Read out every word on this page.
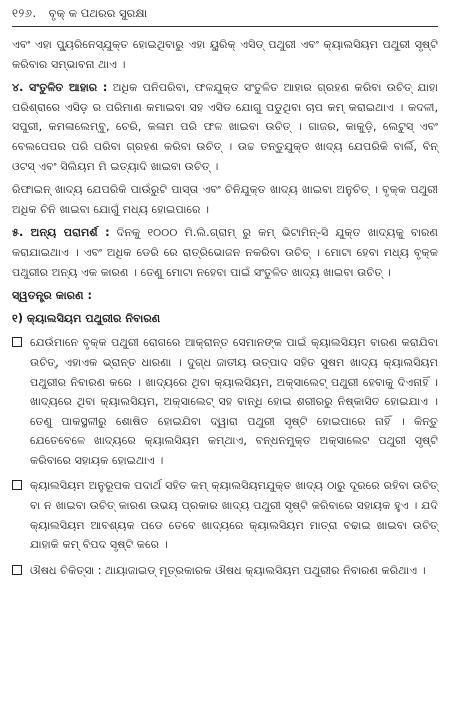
୧୨୬. ବୃକ୍ କ ପଥରର ସୁରକ୍ଷା

ଏବଂ ଏହା ପ୍ୟୁରିନେସ୍‌ଯୁକ୍ତ ହୋଇଥିବାରୁ ଏହା ୟୁରିକ୍ ଏସିଡ୍ ପଥୁରୀ ଏବଂ କ୍ୟାଲସିୟମ ପଥୁରୀ ସୃଷ୍ଟି କରିବାର ସମ୍ଭାବନା ଥାଏ ।

୪. ସଂତୁଳିତ ଆହାର : ଅଧିକ ପନିପରିବା, ଫଳଯୁକ୍ତ ସଂତୁଳିତ ଆହାର ଗ୍ରହଣ କରିବା ଉଚିତ୍ ଯାହା ପରିଶ୍ରାରେ ଏସିଡ଼ ର ପରିମାଣ କମାଇବା ସହ ଏସିଡ ଯୋଗୁ ପଡୁଥିବା ଚାପ କମ୍ କରାଇଥାଏ । କଦଳୀ, ସପୁରୀ, କମଳାଲେମ୍ବୁ, ଚେରି, କଳାମ ପରି ଫଳ ଖାଇବା ଉଚିତ୍ । ଗାଜର, କାକୁଡ଼ି, ଲେଟୁସ୍ ଏବଂ ବେଲପେପର ପରି ପରିବା ଗ୍ରହଣ କରିବା ଉଚିତ୍ । ଉଚ୍ଚ ତନ୍ତୁଯୁକ୍ତ ଖାଦ୍ୟ ଯେପରିକି ବାର୍ଲି, ବିନ୍ ଓଟସ୍ ଏବଂ ସିଲିୟମ ମି ଇତ୍ୟାଦି ଖାଇବା ଉଚିତ୍ ।

ରିଫାଇନ୍ ଖାଦ୍ୟ ଯେପରିକି ପାଉଁରୁଟି ପାସ୍ତା ଏବଂ ଚିନିଯୁକ୍ତ ଖାଦ୍ୟ ଖାଇବା ଅନୁଚିତ୍ । ବୃକ୍କ ପଥୁରୀ ଅଧିକ ଚିନି ଖାଇବା ଯୋଗୁଁ ମଧ୍ୟ ହୋଇପାରେ ।

୫. ଅନ୍ୟ ପରାମର୍ଶ : ଦିନକୁ ୧୦୦୦ ମି.ଲି.ଗ୍ରାମ୍ ରୁ କମ୍ ଭିଟାମିନ୍-ସି ଯୁକ୍ତ ଖାଦ୍ୟକୁ ବାରଣ କରାଯାଇଥାଏ । ଏବଂ ଅଧିକ ଡେରି ରେ ରାତ୍ରିଭୋଜନ ନକରିବା ଉଚିତ୍ । ମୋଟା ହେବା ମଧ୍ୟ ବୃକ୍କ ପଥୁରୀର ଅନ୍ୟ ଏକ କାରଣ । ତେଣୁ ମୋଟା ନହେବା ପାଇଁ ସଂତୁଳିତ ଖାଦ୍ୟ ଖାଇବା ଉଚିତ୍ ।

ସ୍ୱତନ୍ତ୍ର କାରଣ :
୧) କ୍ୟାଲସିୟମ ପଥୁରୀର ନିବାରଣ
ଯେଉଁମାନେ ବୃକ୍କ ପଥୁରୀ ରୋଗରେ ଆକ୍ରାନ୍ତ ସେମାନଙ୍କ ପାଇଁ କ୍ୟାଲସିୟମ ବାରଣ କରାଯିବା ଉଚିତ୍, ଏହାଏକ ଭ୍ରାନ୍ତ ଧାରଣା । ଦୁଗ୍ଧ ଜାତୀୟ ଉତ୍ପାଦ ସହିତ ସୁଷମ ଖାଦ୍ୟ କ୍ୟାଲସିୟମ ପଥୁରୀର ନିବାରଣ କରେ । ଖାଦ୍ୟରେ ଥିବା କ୍ୟାଲସିୟମ, ଅକ୍ସାଲେଟ୍ ପଥୁରୀ ହେବାକୁ ଦିଏନାହିଁ । ଖାଦ୍ୟରେ ଥିବା କ୍ୟାଲସିୟମ, ଅକ୍ସାଲେଟ୍ ସହ ବାନ୍ଧି ହୋଇ ଶରୀରରୁ ନିଷ୍କାସିତ ହୋଇଯାଏ । ତେଣୁ ପାକସ୍ଥଳୀରୁ ଶୋଷିତ ହୋଇଯିବା ଦ୍ୱାରା ପଥୁରୀ ସୃଷ୍ଟି ହୋଇପାରେ ନାହିଁ । କିନ୍ତୁ ଯେତେବେଳେ ଖାଦ୍ୟରେ କ୍ୟାଲସିୟମ କମ୍‌ଥାଏ, ବନ୍ଧନମୁକ୍ତ ଅକ୍ସାଲେଟ ପଥୁରୀ ସୃଷ୍ଟି କରିବାରେ ସହାୟକ ହୋଇଥାଏ ।
କ୍ୟାଲସିୟମ ଅନୁରୂପକ ପଦାର୍ଥ ସହିତ କମ୍ କ୍ୟାଲସିୟମଯୁକ୍ତ ଖାଦ୍ୟ ଠାରୁ ଦୂରରେ ରହିବା ଉଚିତ୍ ବା ନ ଖାଇବା ଉଚିତ୍ କାରଣ ଉଭୟ ପ୍ରକାର ଖାଦ୍ୟ ପଥୁରୀ ସୃଷ୍ଟି କରିବାରେ ସହାୟକ ହୁଏ । ଯଦି କ୍ୟାଲସିୟମ ଆବଶ୍ୟକ ପଡେ ତେବେ ଖାଦ୍ୟରେ କ୍ୟାଲସିୟମ ମାତ୍ରା ବଢାଇ ଖାଇବା ଉଚିତ୍ ଯାହାକି କମ୍ ବିପଦ ସୃଷ୍ଟି କରେ ।
ଔଷଧ ଚିକିତ୍ସା : ଥାୟାଜାଇଡ୍ ମୂତ୍ରକାରକ ଔଷଧ କ୍ୟାଲସିୟମ ପଥୁରୀର ନିବାରଣ କରିଥାଏ ।
